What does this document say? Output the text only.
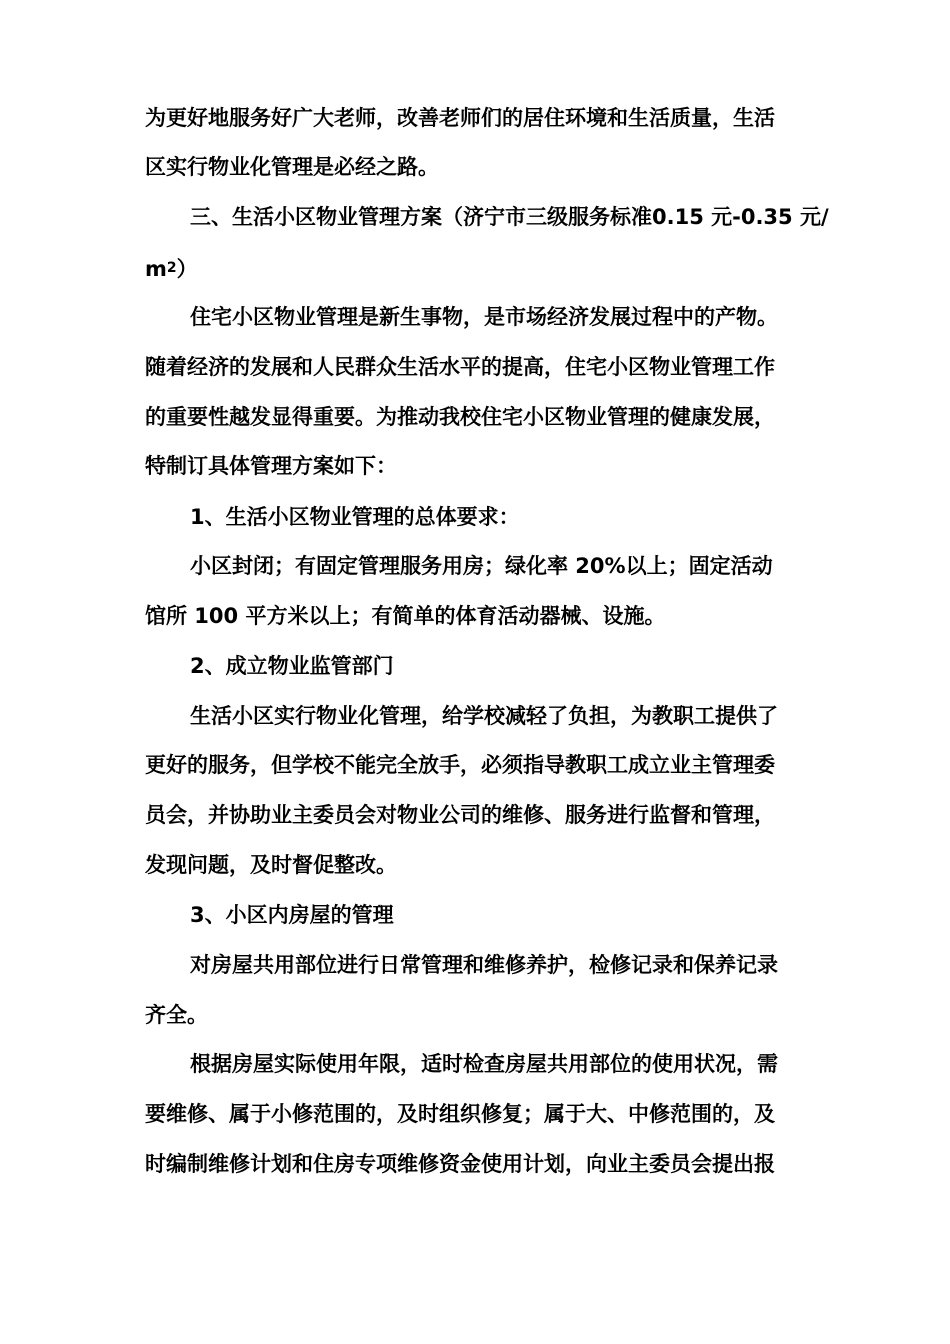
为更好地服务好广大老师，改善老师们的居住环境和生活质量，生活
区实行物业化管理是必经之路。
三、生活小区物业管理方案（济宁市三级服务标准0.15 元-0.35 元/
$m^2$）
住宅小区物业管理是新生事物，是市场经济发展过程中的产物。
随着经济的发展和人民群众生活水平的提高，住宅小区物业管理工作
的重要性越发显得重要。为推动我校住宅小区物业管理的健康发展，
特制订具体管理方案如下：
1、生活小区物业管理的总体要求：
小区封闭；有固定管理服务用房；绿化率 20%以上；固定活动
馆所 100 平方米以上；有简单的体育活动器械、设施。
2、成立物业监管部门
生活小区实行物业化管理，给学校减轻了负担，为教职工提供了
更好的服务，但学校不能完全放手，必须指导教职工成立业主管理委
员会，并协助业主委员会对物业公司的维修、服务进行监督和管理，
发现问题，及时督促整改。
3、小区内房屋的管理
对房屋共用部位进行日常管理和维修养护，检修记录和保养记录
齐全。
根据房屋实际使用年限，适时检查房屋共用部位的使用状况，需
要维修、属于小修范围的，及时组织修复；属于大、中修范围的，及
时编制维修计划和住房专项维修资金使用计划，向业主委员会提出报
